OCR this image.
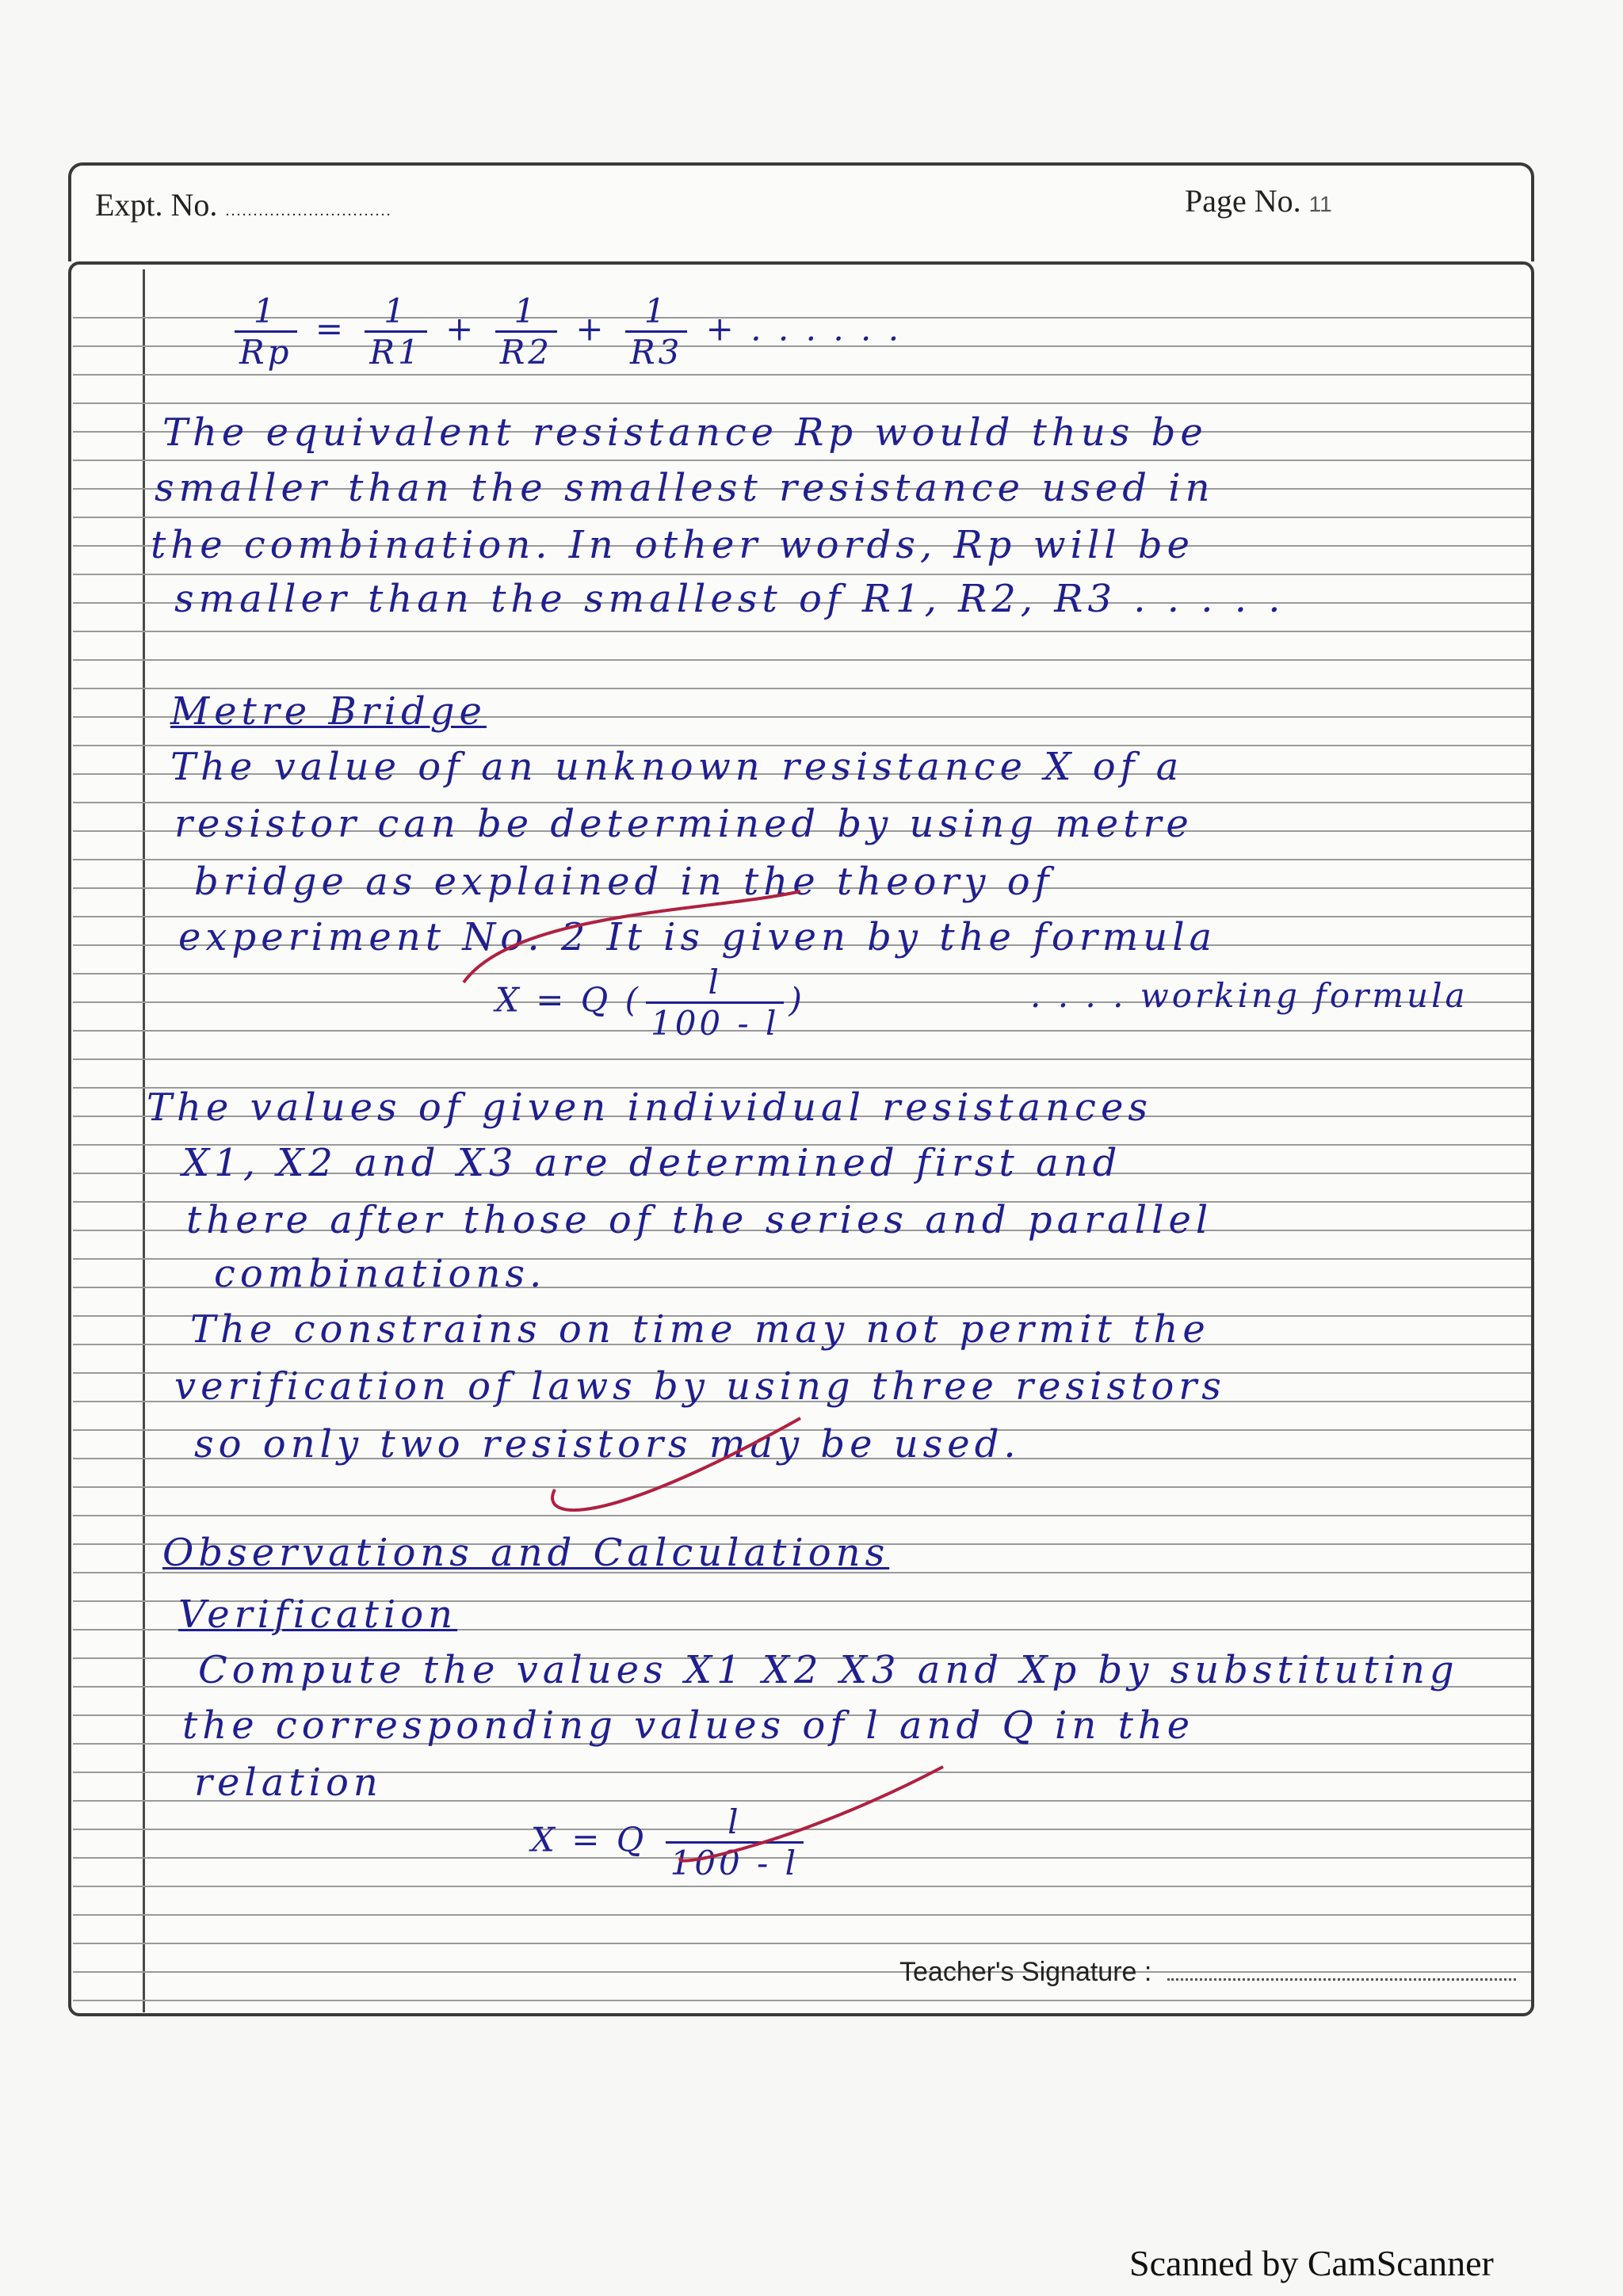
Expt. No. ..............................	Page No. 11
$\frac{1}{Rp} = \frac{1}{R1} + \frac{1}{R2} + \frac{1}{R3}$ + . . . . . .
The equivalent resistance Rp would thus be
smaller than the smallest resistance used in
the combination. In other words, Rp will be
smaller than the smallest of R1, R2, R3 . . . . .
Metre Bridge
The value of an unknown resistance X of a
resistor can be determined by using metre
bridge as explained in the theory of
experiment No. 2 It is given by the formula
X = Q ( $\frac{l}{100 - l}$ )	. . . . working formula
The values of given individual resistances
X1, X2 and X3 are determined first and
there after those of the series and parallel
combinations.
The constrains on time may not permit the
verification of laws by using three resistors
so only two resistors may be used.
Observations and Calculations
Verification
Compute the values X1 X2 X3 and Xp by substituting
the corresponding values of l and Q in the
relation
X = Q $\frac{l}{100 - l}$
Teacher's Signature :
Scanned by CamScanner
